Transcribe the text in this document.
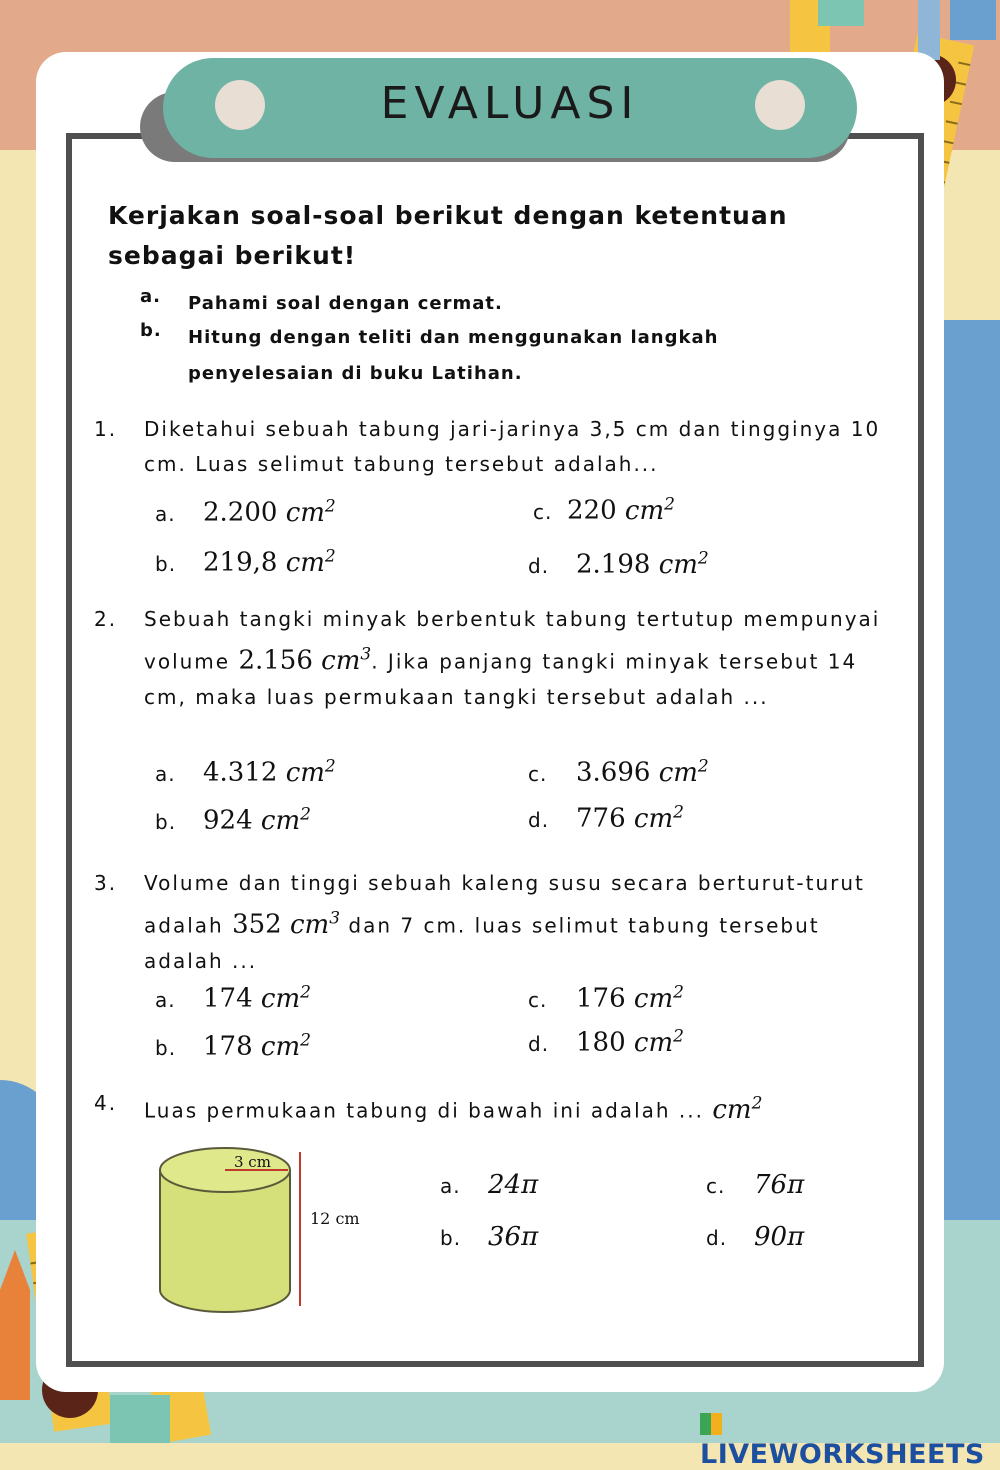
EVALUASI
Kerjakan soal-soal berikut dengan ketentuan sebagai berikut!
a. Pahami soal dengan cermat.
b. Hitung dengan teliti dan menggunakan langkah penyelesaian di buku Latihan.
1. Diketahui sebuah tabung jari-jarinya 3,5 cm dan tingginya 10 cm. Luas selimut tabung tersebut adalah...
a. 2.200 $cm^2$	c. 220 $cm^2$
b. 219,8 $cm^2$	d. 2.198 $cm^2$
2. Sebuah tangki minyak berbentuk tabung tertutup mempunyai volume 2.156 $cm^3$. Jika panjang tangki minyak tersebut 14 cm, maka luas permukaan tangki tersebut adalah ...
a. 4.312 $cm^2$	c. 3.696 $cm^2$
b. 924 $cm^2$	d. 776 $cm^2$
3. Volume dan tinggi sebuah kaleng susu secara berturut-turut adalah 352 $cm^3$ dan 7 cm. luas selimut tabung tersebut adalah ...
a. 174 $cm^2$	c. 176 $cm^2$
b. 178 $cm^2$	d. 180 $cm^2$
4. Luas permukaan tabung di bawah ini adalah ... $cm^2$
3 cm
12 cm
a. 24π	c. 76π
b. 36π	d. 90π
LIVEWORKSHEETS
